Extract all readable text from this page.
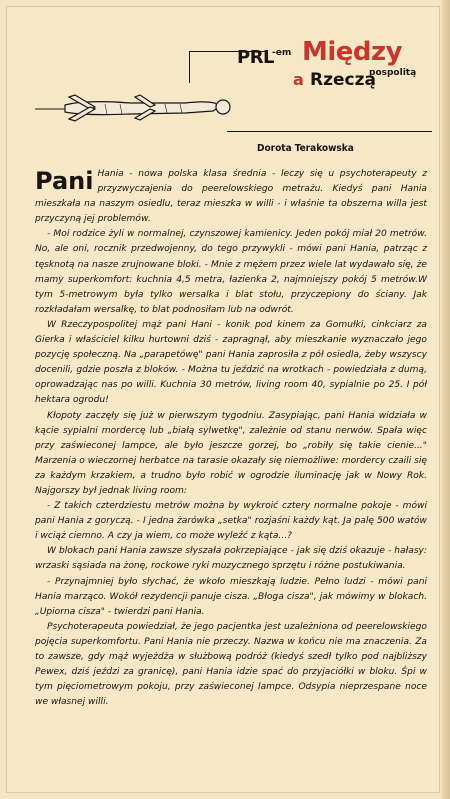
PRL
-em Między
a Rzeczą
pospolitą
Dorota Terakowska

Pani Hania - nowa polska klasa średnia - leczy się u psychoterapeuty z przyzwyczajenia do peerelowskiego metrażu. Kiedyś pani Hania mieszkała na naszym osiedlu, teraz mieszka w willi - i właśnie ta obszerna willa jest przyczyną jej problemów.

- Moi rodzice żyli w normalnej, czynszowej kamienicy. Jeden pokój miał 20 metrów. No, ale oni, rocznik przedwojenny, do tego przywykli - mówi pani Hania, patrząc z tęsknotą na nasze zrujnowane bloki. - Mnie z mężem przez wiele lat wydawało się, że mamy superkomfort: kuchnia 4,5 metra, łazienka 2, najmniejszy pokój 5 metrów.W tym 5-metrowym była tylko wersalka i blat stołu, przyczepiony do ściany. Jak rozkładałam wersalkę, to blat podnosiłam lub na odwrót.

W Rzeczypospolitej mąż pani Hani - konik pod kinem za Gomułki, cinkciarz za Gierka i właściciel kilku hurtowni dziś - zapragnął, aby mieszkanie wyznaczało jego pozycję społeczną. Na „parapetówę" pani Hania zaprosiła z pół osiedla, żeby wszyscy docenili, gdzie poszła z bloków. - Można tu jeździć na wrotkach - powiedziała z dumą, oprowadzając nas po willi. Kuchnia 30 metrów, living room 40, sypialnie po 25. I pół hektara ogrodu!

Kłopoty zaczęły się już w pierwszym tygodniu. Zasypiając, pani Hania widziała w kącie sypialni mordercę lub „białą sylwetkę", zależnie od stanu nerwów. Spała więc przy zaświeconej lampce, ale było jeszcze gorzej, bo „robiły się takie cienie..." Marzenia o wieczornej herbatce na tarasie okazały się niemożliwe: mordercy czaili się za każdym krzakiem, a trudno było robić w ogrodzie iluminację jak w Nowy Rok. Najgorszy był jednak living room:

- Z takich czterdziestu metrów można by wykroić cztery normalne pokoje - mówi pani Hania z goryczą. - I jedna żarówka „setka" rozjaśni każdy kąt. Ja palę 500 watów i wciąż ciemno. A czy ja wiem, co może wyleźć z kąta...?

W blokach pani Hania zawsze słyszała pokrzepiające - jak się dziś okazuje - hałasy: wrzaski sąsiada na żonę, rockowe ryki muzycznego sprzętu i różne postukiwania.

- Przynajmniej było słychać, że wkoło mieszkają ludzie. Pełno ludzi - mówi pani Hania marząco. Wokół rezydencji panuje cisza. „Błoga cisza", jak mówimy w blokach. „Upiorna cisza" - twierdzi pani Hania.

Psychoterapeuta powiedział, że jego pacjentka jest uzależniona od peerelowskiego pojęcia superkomfortu. Pani Hania nie przeczy. Nazwa w końcu nie ma znaczenia. Za to zawsze, gdy mąż wyjeżdża w służbową podróż (kiedyś szedł tylko pod najbliższy Pewex, dziś jeździ za granicę), pani Hania idzie spać do przyjaciółki w bloku. Śpi w tym pięciometrowym pokoju, przy zaświeconej lampce. Odsypia nieprzespane noce we własnej willi.
